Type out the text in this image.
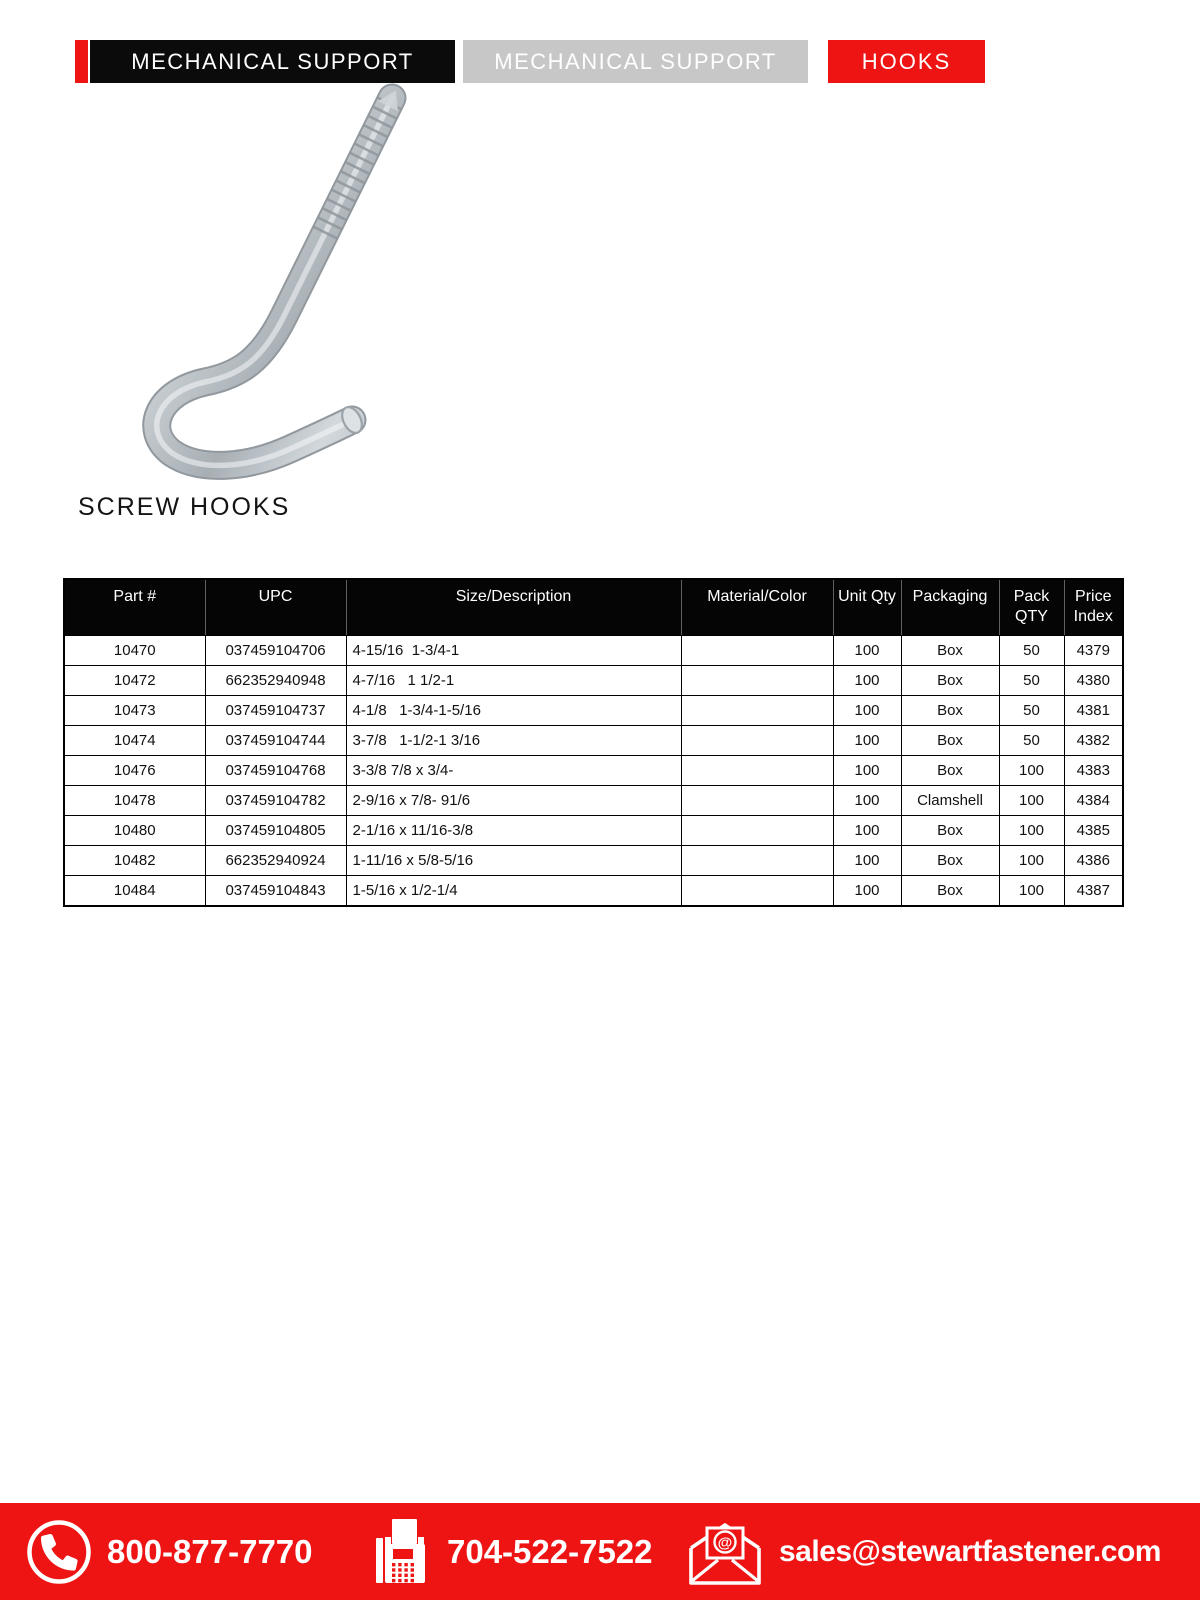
MECHANICAL SUPPORT	MECHANICAL SUPPORT	HOOKS
SCREW HOOKS
Part #	UPC	Size/Description	Material/Color	Unit Qty	Packaging	Pack QTY	Price Index
10470	037459104706	4-15/16  1-3/4-1		100	Box	50	4379
10472	662352940948	4-7/16   1 1/2-1		100	Box	50	4380
10473	037459104737	4-1/8   1-3/4-1-5/16		100	Box	50	4381
10474	037459104744	3-7/8   1-1/2-1 3/16		100	Box	50	4382
10476	037459104768	3-3/8 7/8 x 3/4-		100	Box	100	4383
10478	037459104782	2-9/16 x 7/8- 91/6		100	Clamshell	100	4384
10480	037459104805	2-1/16 x 11/16-3/8		100	Box	100	4385
10482	662352940924	1-11/16 x 5/8-5/16		100	Box	100	4386
10484	037459104843	1-5/16 x 1/2-1/4		100	Box	100	4387
800-877-7770	704-522-7522	@ sales@stewartfastener.com
